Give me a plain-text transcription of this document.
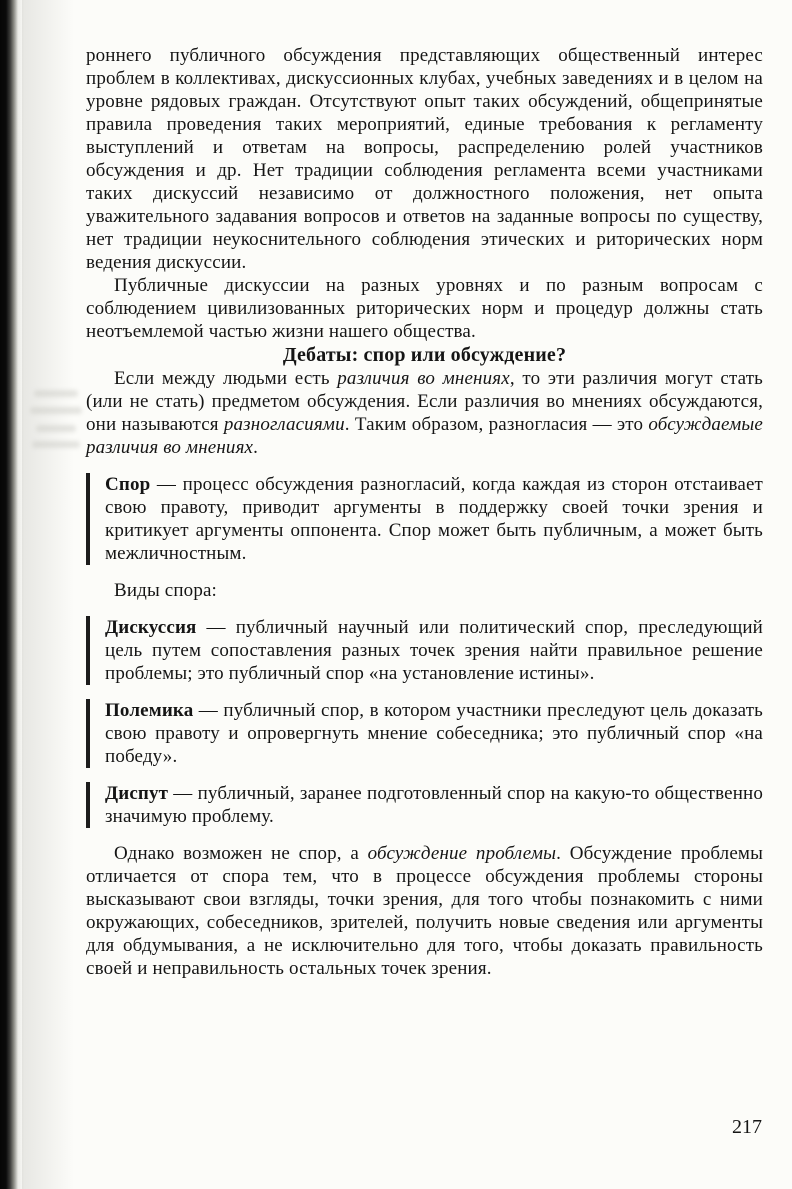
роннего публичного обсуждения представляющих общественный интерес проблем в коллективах, дискуссионных клубах, учебных заведениях и в целом на уровне рядовых граждан. Отсутствуют опыт таких обсуждений, общепринятые правила проведения таких мероприятий, единые требования к регламенту выступлений и ответам на вопросы, распределению ролей участников обсуждения и др. Нет традиции соблюдения регламента всеми участниками таких дискуссий независимо от должностного положения, нет опыта уважительного задавания вопросов и ответов на заданные вопросы по существу, нет традиции неукоснительного соблюдения этических и риторических норм ведения дискуссии.

Публичные дискуссии на разных уровнях и по разным вопросам с соблюдением цивилизованных риторических норм и процедур должны стать неотъемлемой частью жизни нашего общества.

Дебаты: спор или обсуждение?

Если между людьми есть различия во мнениях, то эти различия могут стать (или не стать) предметом обсуждения. Если различия во мнениях обсуждаются, они называются разногласиями. Таким образом, разногласия — это обсуждаемые различия во мнениях.

Спор — процесс обсуждения разногласий, когда каждая из сторон отстаивает свою правоту, приводит аргументы в поддержку своей точки зрения и критикует аргументы оппонента. Спор может быть публичным, а может быть межличностным.

Виды спора:

Дискуссия — публичный научный или политический спор, преследующий цель путем сопоставления разных точек зрения найти правильное решение проблемы; это публичный спор «на установление истины».

Полемика — публичный спор, в котором участники преследуют цель доказать свою правоту и опровергнуть мнение собеседника; это публичный спор «на победу».

Диспут — публичный, заранее подготовленный спор на какую-то общественно значимую проблему.

Однако возможен не спор, а обсуждение проблемы. Обсуждение проблемы отличается от спора тем, что в процессе обсуждения проблемы стороны высказывают свои взгляды, точки зрения, для того чтобы познакомить с ними окружающих, собеседников, зрителей, получить новые сведения или аргументы для обдумывания, а не исключительно для того, чтобы доказать правильность своей и неправильность остальных точек зрения.

217
